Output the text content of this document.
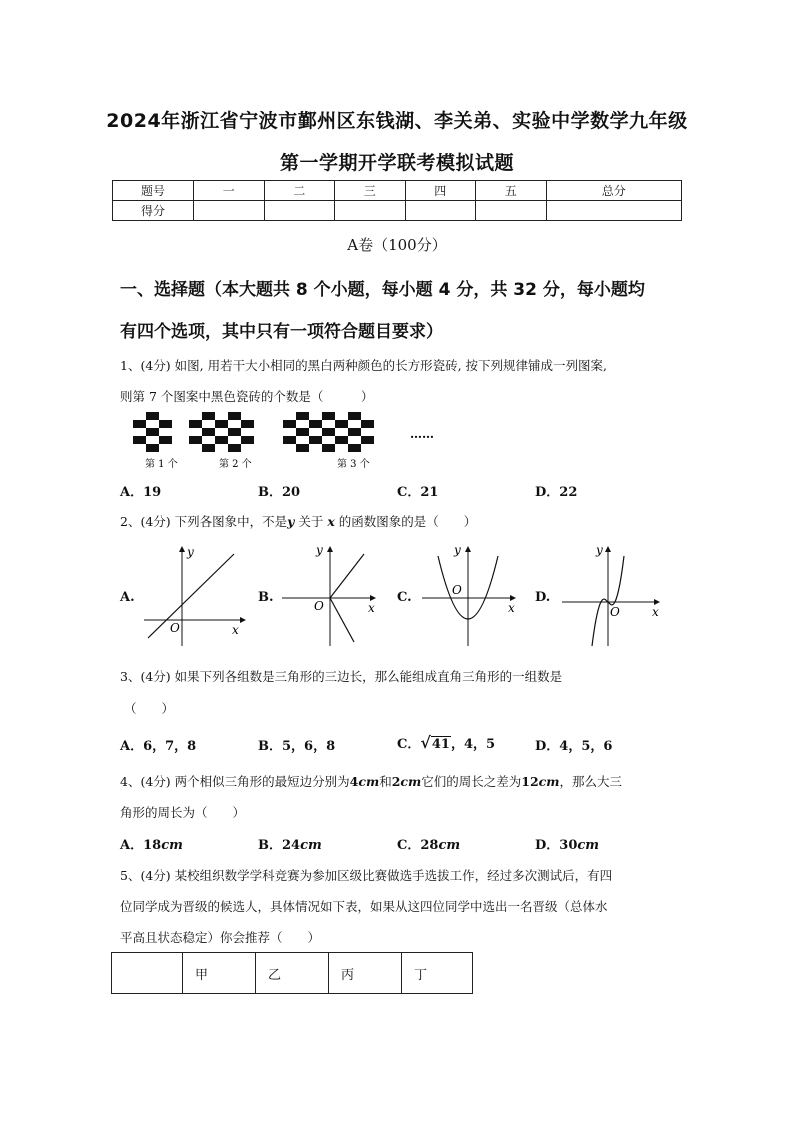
2024年浙江省宁波市鄞州区东钱湖、李关弟、实验中学数学九年级
第一学期开学联考模拟试题
题号	一	二	三	四	五	总分
得分						
A卷（100分）
一、选择题（本大题共 8 个小题，每小题 4 分，共 32 分，每小题均
有四个选项，其中只有一项符合题目要求）
1、(4分) 如图, 用若干大小相同的黑白两种颜色的长方形瓷砖, 按下列规律铺成一列图案,
则第 7 个图案中黑色瓷砖的个数是（　　　）
……
第 1 个	第 2 个	第 3 个
A．19	B．20	C．21	D．22
2、(4分) 下列各图象中，不是y 关于 x 的函数图象的是（　　）
A.	B.	C.	D.
y
x
O
y
x
O
y
x
O
y
x
O
3、(4分) 如果下列各组数是三角形的三边长，那么能组成直角三角形的一组数是
（　　）
A．6，7，8	B．5，6，8	C．√41，4，5	D．4，5，6
4、(4分) 两个相似三角形的最短边分别为4cm和2cm它们的周长之差为12cm，那么大三
角形的周长为（　　）
A．18cm	B．24cm	C．28cm	D．30cm
5、(4分) 某校组织数学学科竞赛为参加区级比赛做选手选拔工作，经过多次测试后，有四
位同学成为晋级的候选人，具体情况如下表，如果从这四位同学中选出一名晋级（总体水
平高且状态稳定）你会推荐（　　）
	甲	乙	丙	丁
